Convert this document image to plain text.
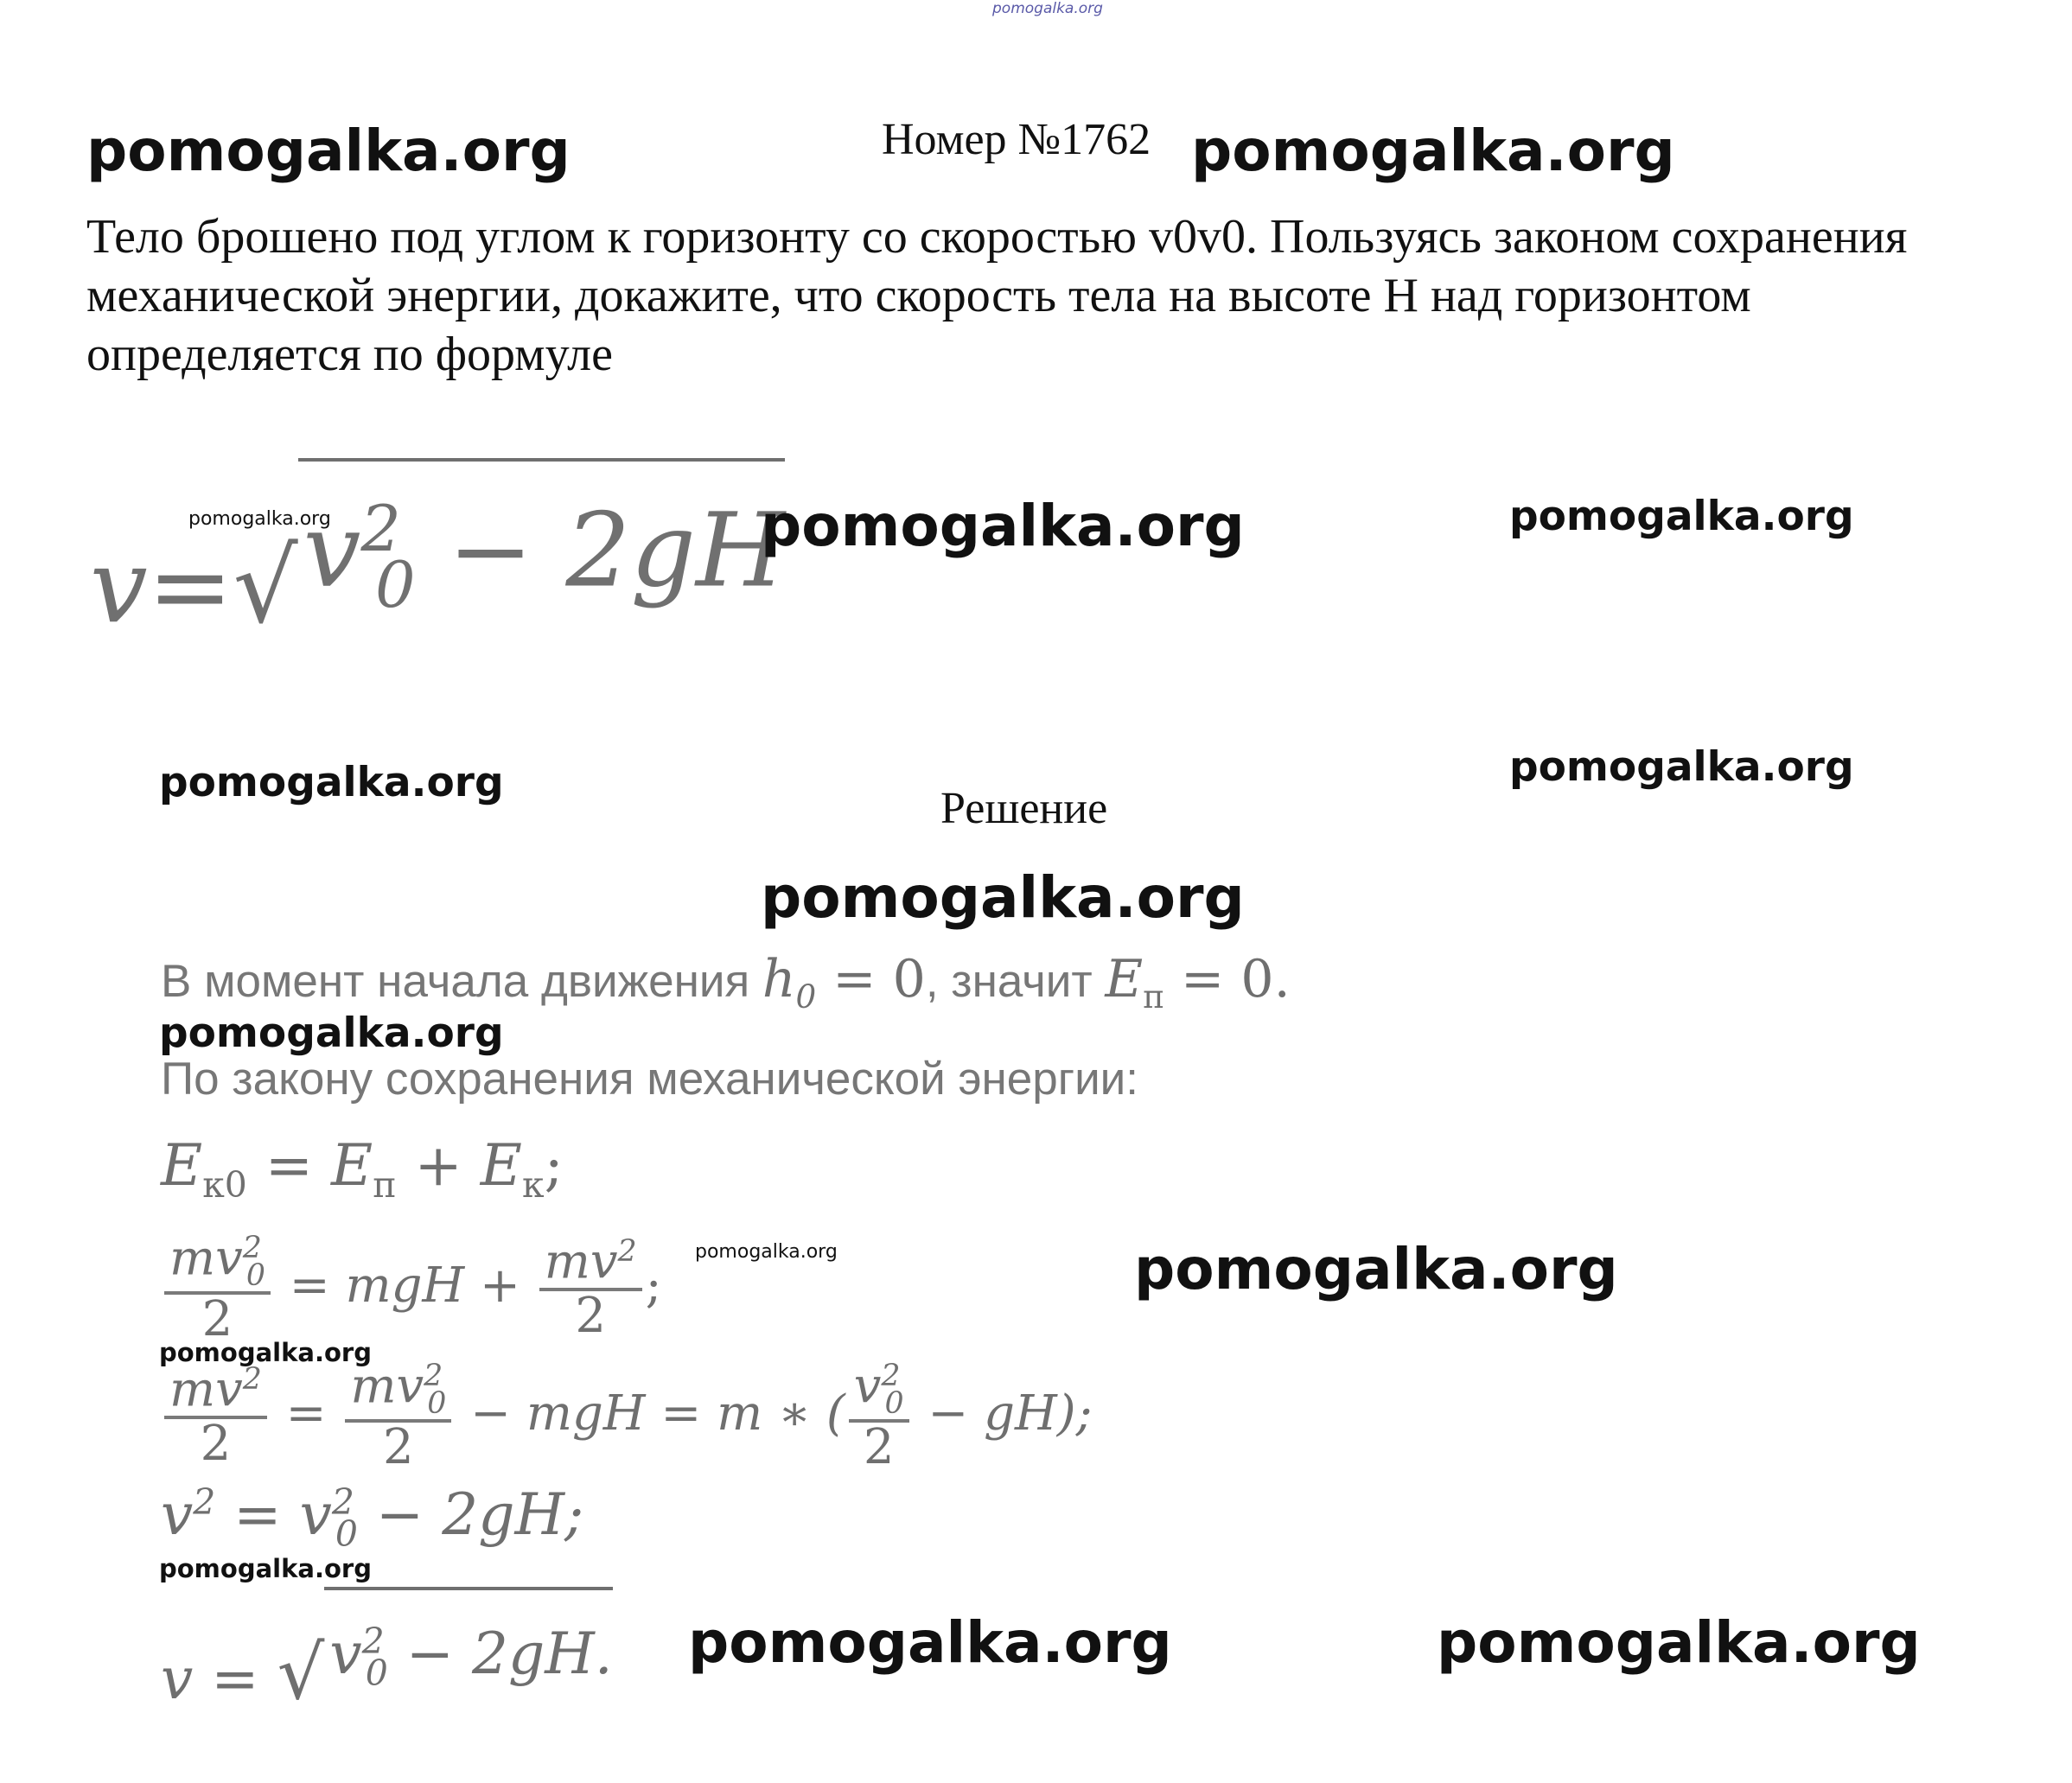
pomogalka.org
pomogalka.org	Номер №1762 pomogalka.org
Тело брошено под углом к горизонту со скоростью v0v0. Пользуясь законом сохранения механической энергии, докажите, что скорость тела на высоте H над горизонтом определяется по формуле
v= √ $v^2_0 - 2gH$
pomogalka.org	pomogalka.org	pomogalka.org
pomogalka.org	pomogalka.org
Решение
pomogalka.org
В момент начала движения $h_0 = 0$, значит $E_п = 0$.
pomogalka.org
По закону сохранения механической энергии:
$E_{к0} = E_п + E_к$;
$\frac{mv^2_0}{2}$ = mgH + $\frac{mv^2}{2}$ ;
pomogalka.org	pomogalka.org
pomogalka.org
$\frac{mv^2}{2} = \frac{mv^2_0}{2}$ − mgH = m ∗ ( $\frac{v^2_0}{2} - gH$);
$v^2 = v^2_0 - 2gH$;
pomogalka.org
v = √ $v^2_0 - 2gH$. pomogalka.org	pomogalka.org
